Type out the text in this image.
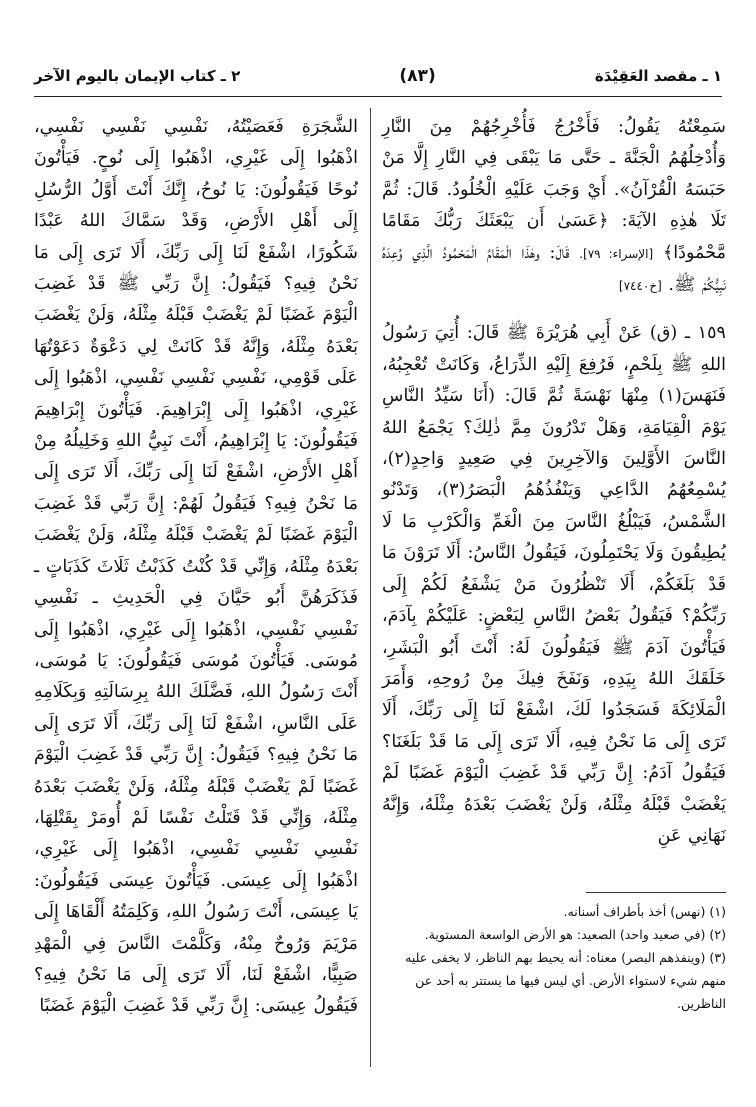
١ ـ مقصد العَقِيْدَة
(٨٣)
٢ ـ كتاب الإيمان باليوم الآخر

سَمِعْتُهُ يَقُولُ: فَأَخْرُجُ فَأُخْرِجُهُمْ مِنَ النَّارِ وَأُدْخِلُهُمُ الْجَنَّةَ ـ حَتَّى مَا يَبْقَى فِي النَّارِ إِلَّا مَنْ حَبَسَهُ الْقُرْآنُ». أَيْ وَجَبَ عَلَيْهِ الْخُلُودُ. قَالَ: ثُمَّ تَلَا هٰذِهِ الآيَةَ: ﴿عَسَىٰ أَن يَبْعَثَكَ رَبُّكَ مَقَامًا مَّحْمُودًا﴾ [الإسراء: ٧٩]. قَالَ: وهٰذَا الْمَقَامُ الْمَحْمُودُ الَّذِي وُعِدَهُ نَبِيُّكُمْ ﷺ. [خ٧٤٤٠]

١٥٩ ـ (ق) عَنْ أَبِي هُرَيْرَةَ ﷺ قَالَ: أُتِيَ رَسُولُ اللهِ ﷺ بِلَحْمٍ، فَرُفِعَ إِلَيْهِ الذِّرَاعُ، وَكَانَتْ تُعْجِبُهُ، فَنَهَسَ(١) مِنْهَا نَهْسَةً ثُمَّ قَالَ: (أَنَا سَيِّدُ النَّاسِ يَوْمَ الْقِيَامَةِ، وَهَلْ تَدْرُونَ مِمَّ ذٰلِكَ؟ يَجْمَعُ اللهُ النَّاسَ الأَوَّلِينَ وَالآخِرِينَ فِي صَعِيدٍ وَاحِدٍ(٢)، يُسْمِعُهُمُ الدَّاعِي وَيَنْفُذُهُمُ الْبَصَرُ(٣)، وَتَدْنُو الشَّمْسُ، فَيَبْلُغُ النَّاسَ مِنَ الْغَمِّ وَالْكَرْبِ مَا لَا يُطِيقُونَ وَلَا يَحْتَمِلُونَ، فَيَقُولُ النَّاسُ: أَلَا تَرَوْنَ مَا قَدْ بَلَغَكُمْ، أَلَا تَنْظُرُونَ مَنْ يَشْفَعُ لَكُمْ إِلَى رَبِّكُمْ؟ فَيَقُولُ بَعْضُ النَّاسِ لِبَعْضٍ: عَلَيْكُمْ بِآدَمَ، فَيَأْتُونَ آدَمَ ﷺ فَيَقُولُونَ لَهُ: أَنْتَ أَبُو الْبَشَرِ، خَلَقَكَ اللهُ بِيَدِهِ، وَنَفَخَ فِيكَ مِنْ رُوحِهِ، وَأَمَرَ الْمَلَائِكَةَ فَسَجَدُوا لَكَ، اشْفَعْ لَنَا إِلَى رَبِّكَ، أَلَا تَرَى إِلَى مَا نَحْنُ فِيهِ، أَلَا تَرَى إِلَى مَا قَدْ بَلَغَنَا؟ فَيَقُولُ آدَمُ: إِنَّ رَبِّي قَدْ غَضِبَ الْيَوْمَ غَضَبًا لَمْ يَغْضَبْ قَبْلَهُ مِثْلَهُ، وَلَنْ يَغْضَبَ بَعْدَهُ مِثْلَهُ، وَإِنَّهُ نَهَانِي عَنِ

الشَّجَرَةِ فَعَصَيْتُهُ، نَفْسِي نَفْسِي نَفْسِي، اذْهَبُوا إِلَى غَيْرِي، اذْهَبُوا إِلَى نُوحٍ. فَيَأْتُونَ نُوحًا فَيَقُولُونَ: يَا نُوحُ، إِنَّكَ أَنْتَ أَوَّلُ الرُّسُلِ إِلَى أَهْلِ الأَرْضِ، وَقَدْ سَمَّاكَ اللهُ عَبْدًا شَكُورًا، اشْفَعْ لَنَا إِلَى رَبِّكَ، أَلَا تَرَى إِلَى مَا نَحْنُ فِيهِ؟ فَيَقُولُ: إِنَّ رَبِّي ﷺ قَدْ غَضِبَ الْيَوْمَ غَضَبًا لَمْ يَغْضَبْ قَبْلَهُ مِثْلَهُ، وَلَنْ يَغْضَبَ بَعْدَهُ مِثْلَهُ، وَإِنَّهُ قَدْ كَانَتْ لِي دَعْوَةٌ دَعَوْتُهَا عَلَى قَوْمِي، نَفْسِي نَفْسِي نَفْسِي، اذْهَبُوا إِلَى غَيْرِي، اذْهَبُوا إِلَى إِبْرَاهِيمَ. فَيَأْتُونَ إِبْرَاهِيمَ فَيَقُولُونَ: يَا إِبْرَاهِيمُ، أَنْتَ نَبِيُّ اللهِ وَخَلِيلُهُ مِنْ أَهْلِ الأَرْضِ، اشْفَعْ لَنَا إِلَى رَبِّكَ، أَلَا تَرَى إِلَى مَا نَحْنُ فِيهِ؟ فَيَقُولُ لَهُمْ: إِنَّ رَبِّي قَدْ غَضِبَ الْيَوْمَ غَضَبًا لَمْ يَغْضَبْ قَبْلَهُ مِثْلَهُ، وَلَنْ يَغْضَبَ بَعْدَهُ مِثْلَهُ، وَإِنِّي قَدْ كُنْتُ كَذَبْتُ ثَلَاثَ كَذَبَاتٍ ـ فَذَكَرَهُنَّ أَبُو حَيَّانَ فِي الْحَدِيثِ ـ نَفْسِي نَفْسِي نَفْسِي، اذْهَبُوا إِلَى غَيْرِي، اذْهَبُوا إِلَى مُوسَى. فَيَأْتُونَ مُوسَى فَيَقُولُونَ: يَا مُوسَى، أَنْتَ رَسُولُ اللهِ، فَضَّلَكَ اللهُ بِرِسَالَتِهِ وَبِكَلَامِهِ عَلَى النَّاسِ، اشْفَعْ لَنَا إِلَى رَبِّكَ، أَلَا تَرَى إِلَى مَا نَحْنُ فِيهِ؟ فَيَقُولُ: إِنَّ رَبِّي قَدْ غَضِبَ الْيَوْمَ غَضَبًا لَمْ يَغْضَبْ قَبْلَهُ مِثْلَهُ، وَلَنْ يَغْضَبَ بَعْدَهُ مِثْلَهُ، وَإِنِّي قَدْ قَتَلْتُ نَفْسًا لَمْ أُومَرْ بِقَتْلِهَا، نَفْسِي نَفْسِي نَفْسِي، اذْهَبُوا إِلَى غَيْرِي، اذْهَبُوا إِلَى عِيسَى. فَيَأْتُونَ عِيسَى فَيَقُولُونَ: يَا عِيسَى، أَنْتَ رَسُولُ اللهِ، وَكَلِمَتُهُ أَلْقَاهَا إِلَى مَرْيَمَ وَرُوحٌ مِنْهُ، وَكَلَّمْتَ النَّاسَ فِي الْمَهْدِ صَبِيًّا، اشْفَعْ لَنَا، أَلَا تَرَى إِلَى مَا نَحْنُ فِيهِ؟ فَيَقُولُ عِيسَى: إِنَّ رَبِّي قَدْ غَضِبَ الْيَوْمَ غَضَبًا

(١) (نهس) أخذ بأطراف أسنانه.
(٢) (في صعيد واحد) الصعيد: هو الأرض الواسعة المستوية.
(٣) (وينفذهم البصر) معناه: أنه يحيط بهم الناظر، لا يخفى عليه منهم شيء لاستواء الأرض. أي ليس فيها ما يستتر به أحد عن الناظرين.
